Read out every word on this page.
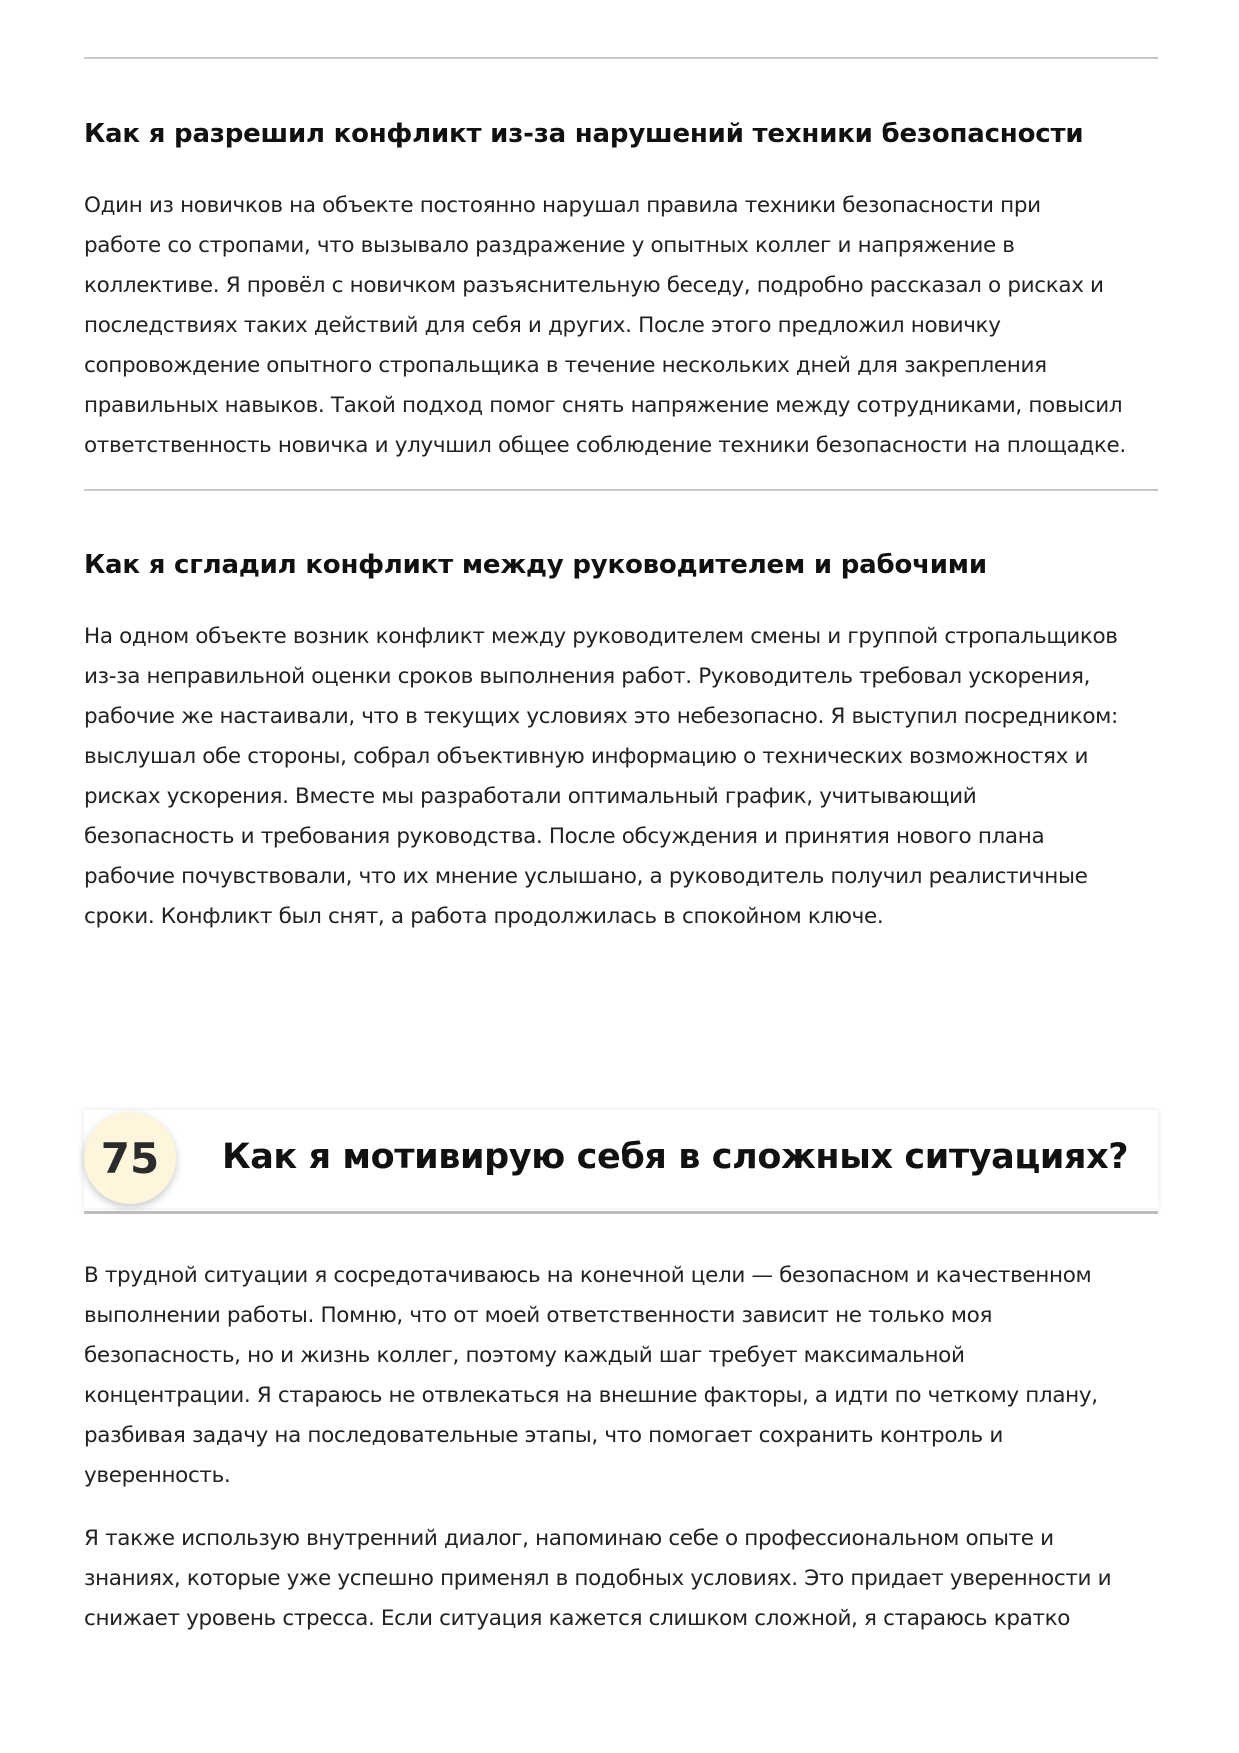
Как я разрешил конфликт из-за нарушений техники безопасности

Один из новичков на объекте постоянно нарушал правила техники безопасности при

работе со стропами, что вызывало раздражение у опытных коллег и напряжение в

коллективе. Я провёл с новичком разъяснительную беседу, подробно рассказал о рисках и

последствиях таких действий для себя и других. После этого предложил новичку

сопровождение опытного стропальщика в течение нескольких дней для закрепления

правильных навыков. Такой подход помог снять напряжение между сотрудниками, повысил

ответственность новичка и улучшил общее соблюдение техники безопасности на площадке.

Как я сгладил конфликт между руководителем и рабочими

На одном объекте возник конфликт между руководителем смены и группой стропальщиков

из-за неправильной оценки сроков выполнения работ. Руководитель требовал ускорения,

рабочие же настаивали, что в текущих условиях это небезопасно. Я выступил посредником:

выслушал обе стороны, собрал объективную информацию о технических возможностях и

рисках ускорения. Вместе мы разработали оптимальный график, учитывающий

безопасность и требования руководства. После обсуждения и принятия нового плана

рабочие почувствовали, что их мнение услышано, а руководитель получил реалистичные

сроки. Конфликт был снят, а работа продолжилась в спокойном ключе.

75	Как я мотивирую себя в сложных ситуациях?

В трудной ситуации я сосредотачиваюсь на конечной цели — безопасном и качественном

выполнении работы. Помню, что от моей ответственности зависит не только моя

безопасность, но и жизнь коллег, поэтому каждый шаг требует максимальной

концентрации. Я стараюсь не отвлекаться на внешние факторы, а идти по четкому плану,

разбивая задачу на последовательные этапы, что помогает сохранить контроль и

уверенность.

Я также использую внутренний диалог, напоминаю себе о профессиональном опыте и

знаниях, которые уже успешно применял в подобных условиях. Это придает уверенности и

снижает уровень стресса. Если ситуация кажется слишком сложной, я стараюсь кратко
